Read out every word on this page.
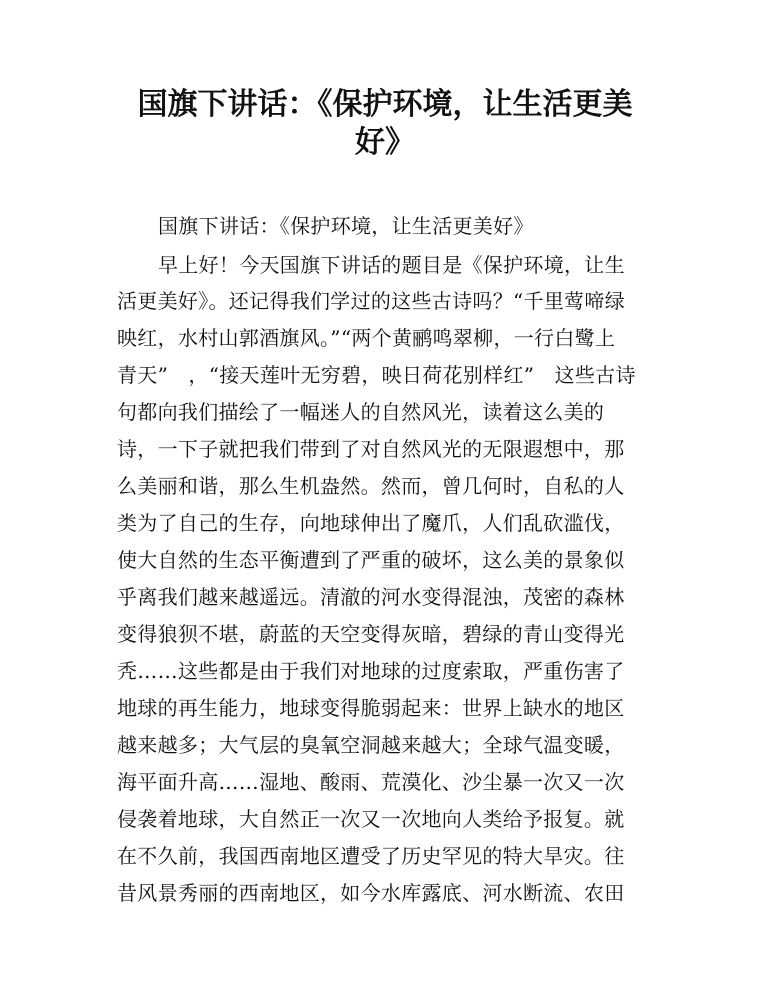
国旗下讲话：《保护环境，让生活更美
好》
国旗下讲话：《保护环境，让生活更美好》
早上好！今天国旗下讲话的题目是《保护环境，让生
活更美好》。还记得我们学过的这些古诗吗？“千里莺啼绿
映红，水村山郭酒旗风。”“两个黄鹂鸣翠柳，一行白鹭上
青天”　，“接天莲叶无穷碧，映日荷花别样红”　这些古诗
句都向我们描绘了一幅迷人的自然风光，读着这么美的
诗，一下子就把我们带到了对自然风光的无限遐想中，那
么美丽和谐，那么生机盎然。然而，曾几何时，自私的人
类为了自己的生存，向地球伸出了魔爪，人们乱砍滥伐，
使大自然的生态平衡遭到了严重的破坏，这么美的景象似
乎离我们越来越遥远。清澈的河水变得混浊，茂密的森林
变得狼狈不堪，蔚蓝的天空变得灰暗，碧绿的青山变得光
秃……这些都是由于我们对地球的过度索取，严重伤害了
地球的再生能力，地球变得脆弱起来：世界上缺水的地区
越来越多；大气层的臭氧空洞越来越大；全球气温变暖，
海平面升高……湿地、酸雨、荒漠化、沙尘暴一次又一次
侵袭着地球，大自然正一次又一次地向人类给予报复。就
在不久前，我国西南地区遭受了历史罕见的特大旱灾。往
昔风景秀丽的西南地区，如今水库露底、河水断流、农田
